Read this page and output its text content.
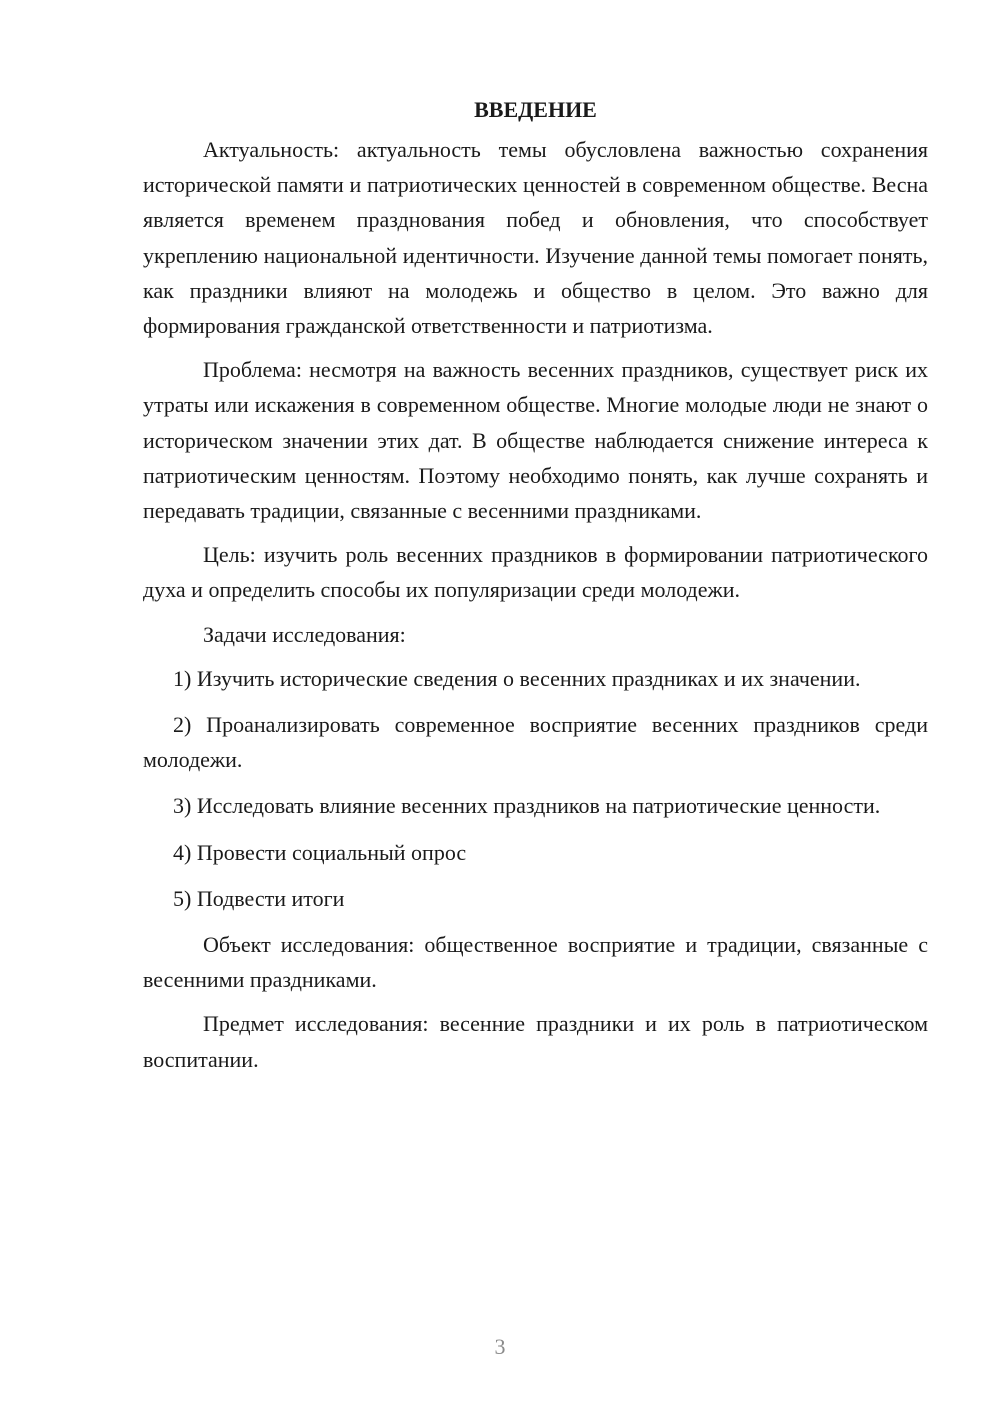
ВВЕДЕНИЕ

Актуальность: актуальность темы обусловлена важностью сохранения исторической памяти и патриотических ценностей в современном обществе. Весна является временем празднования побед и обновления, что способствует укреплению национальной идентичности. Изучение данной темы помогает понять, как праздники влияют на молодежь и общество в целом. Это важно для формирования гражданской ответственности и патриотизма.

Проблема: несмотря на важность весенних праздников, существует риск их утраты или искажения в современном обществе. Многие молодые люди не знают о историческом значении этих дат. В обществе наблюдается снижение интереса к патриотическим ценностям. Поэтому необходимо понять, как лучше сохранять и передавать традиции, связанные с весенними праздниками.

Цель: изучить роль весенних праздников в формировании патриотического духа и определить способы их популяризации среди молодежи.

Задачи исследования:

1) Изучить исторические сведения о весенних праздниках и их значении.

2) Проанализировать современное восприятие весенних праздников среди молодежи.

3) Исследовать влияние весенних праздников на патриотические ценности.

4) Провести социальный опрос

5) Подвести итоги

Объект исследования: общественное восприятие и традиции, связанные с весенними праздниками.

Предмет исследования: весенние праздники и их роль в патриотическом воспитании.

3
